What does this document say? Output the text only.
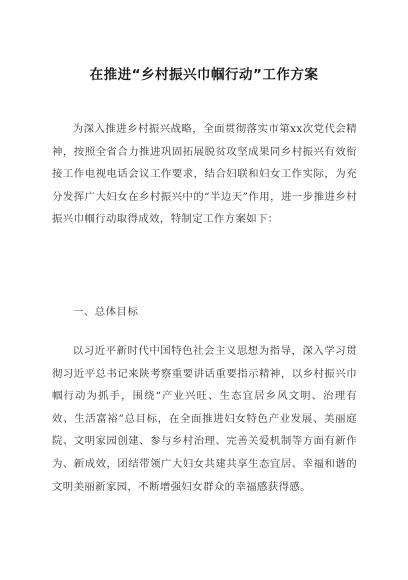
在推进“乡村振兴巾帼行动”工作方案
为深入推进乡村振兴战略，全面贯彻落实市第xx次党代会精神，按照全省合力推进巩固拓展脱贫攻坚成果同乡村振兴有效衔接工作电视电话会议工作要求，结合妇联和妇女工作实际，为充分发挥广大妇女在乡村振兴中的“半边天”作用，进一步推进乡村振兴巾帼行动取得成效，特制定工作方案如下：
一、总体目标
以习近平新时代中国特色社会主义思想为指导，深入学习贯彻习近平总书记来陕考察重要讲话重要指示精神，以乡村振兴巾帼行动为抓手，围绕“产业兴旺、生态宜居乡风文明、治理有效、生活富裕”总目标，在全面推进妇女特色产业发展、美丽庭院、文明家园创建、参与乡村治理、完善关爱机制等方面有新作为、新成效，团结带领广大妇女共建共享生态宜居、幸福和谐的文明美丽新家园，不断增强妇女群众的幸福感获得感。
